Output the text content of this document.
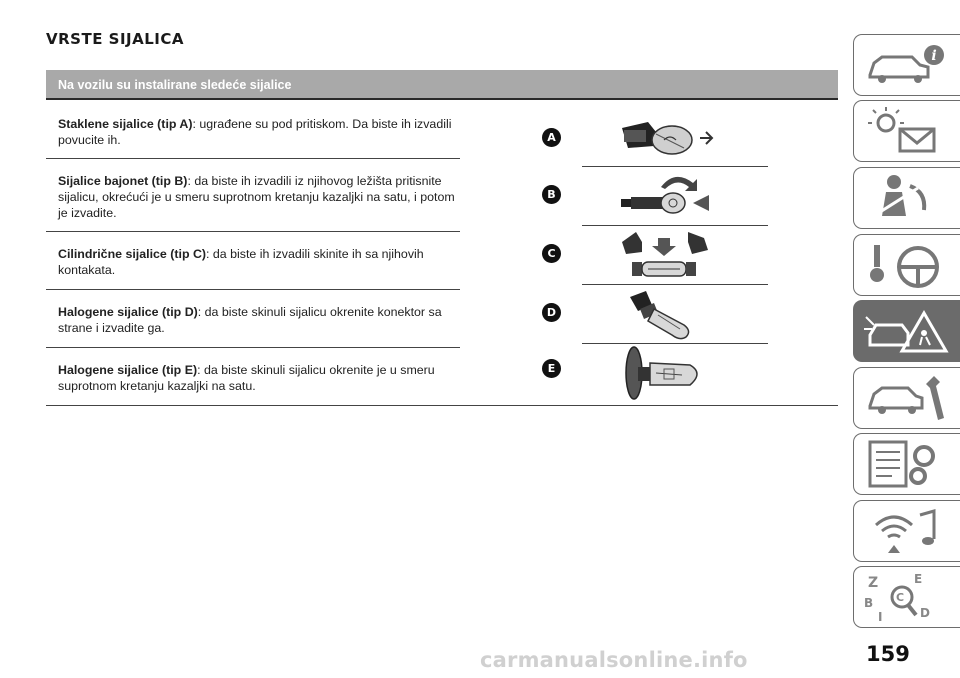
VRSTE SIJALICA
Na vozilu su instalirane sledeće sijalice
Staklene sijalice (tip A): ugrađene su pod pritiskom. Da biste ih izvadili povucite ih.
Sijalice bajonet (tip B): da biste ih izvadili iz njihovog ležišta pritisnite sijalicu, okrećući je u smeru suprotnom kretanju kazaljki na satu, i potom je izvadite.
Cilindrične sijalice (tip C): da biste ih izvadili skinite ih sa njihovih kontakata.
Halogene sijalice (tip D): da biste skinuli sijalicu okrenite konektor sa strane i izvadite ga.
Halogene sijalice (tip E): da biste skinuli sijalicu okrenite je u smeru suprotnom kretanju kazaljki na satu.
A
B
C
D
E
i
Z
B
I
E
D
C
159
carmanualsonline.info
